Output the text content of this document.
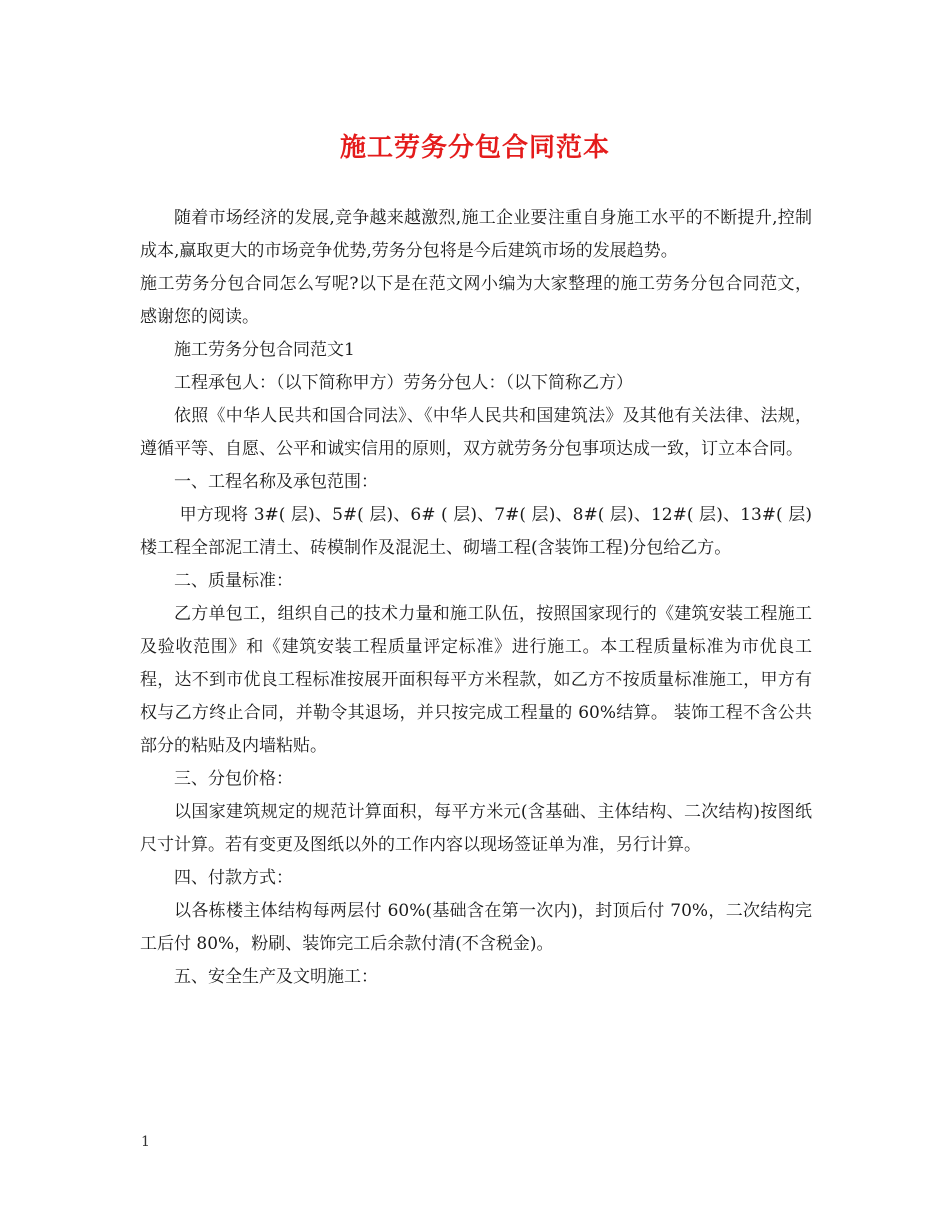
施工劳务分包合同范本

随着市场经济的发展,竞争越来越激烈,施工企业要注重自身施工水平的不断提升,控制成本,赢取更大的市场竞争优势,劳务分包将是今后建筑市场的发展趋势。

施工劳务分包合同怎么写呢?以下是在范文网小编为大家整理的施工劳务分包合同范文，感谢您的阅读。

施工劳务分包合同范文1

工程承包人：（以下简称甲方）劳务分包人：（以下简称乙方）

依照《中华人民共和国合同法》、《中华人民共和国建筑法》及其他有关法律、法规，遵循平等、自愿、公平和诚实信用的原则，双方就劳务分包事项达成一致，订立本合同。

一、工程名称及承包范围：

甲方现将 3#( 层)、5#( 层)、6# ( 层)、7#( 层)、8#( 层)、12#( 层)、13#( 层)楼工程全部泥工清土、砖模制作及混泥土、砌墙工程(含装饰工程)分包给乙方。

二、质量标准：

乙方单包工，组织自己的技术力量和施工队伍，按照国家现行的《建筑安装工程施工及验收范围》和《建筑安装工程质量评定标准》进行施工。本工程质量标准为市优良工程，达不到市优良工程标准按展开面积每平方米程款，如乙方不按质量标准施工，甲方有权与乙方终止合同，并勒令其退场，并只按完成工程量的 60%结算。 装饰工程不含公共部分的粘贴及内墙粘贴。

三、分包价格：

以国家建筑规定的规范计算面积，每平方米元(含基础、主体结构、二次结构)按图纸尺寸计算。若有变更及图纸以外的工作内容以现场签证单为准，另行计算。

四、付款方式：

以各栋楼主体结构每两层付 60%(基础含在第一次内)，封顶后付 70%，二次结构完工后付 80%，粉刷、装饰完工后余款付清(不含税金)。

五、安全生产及文明施工：

1
